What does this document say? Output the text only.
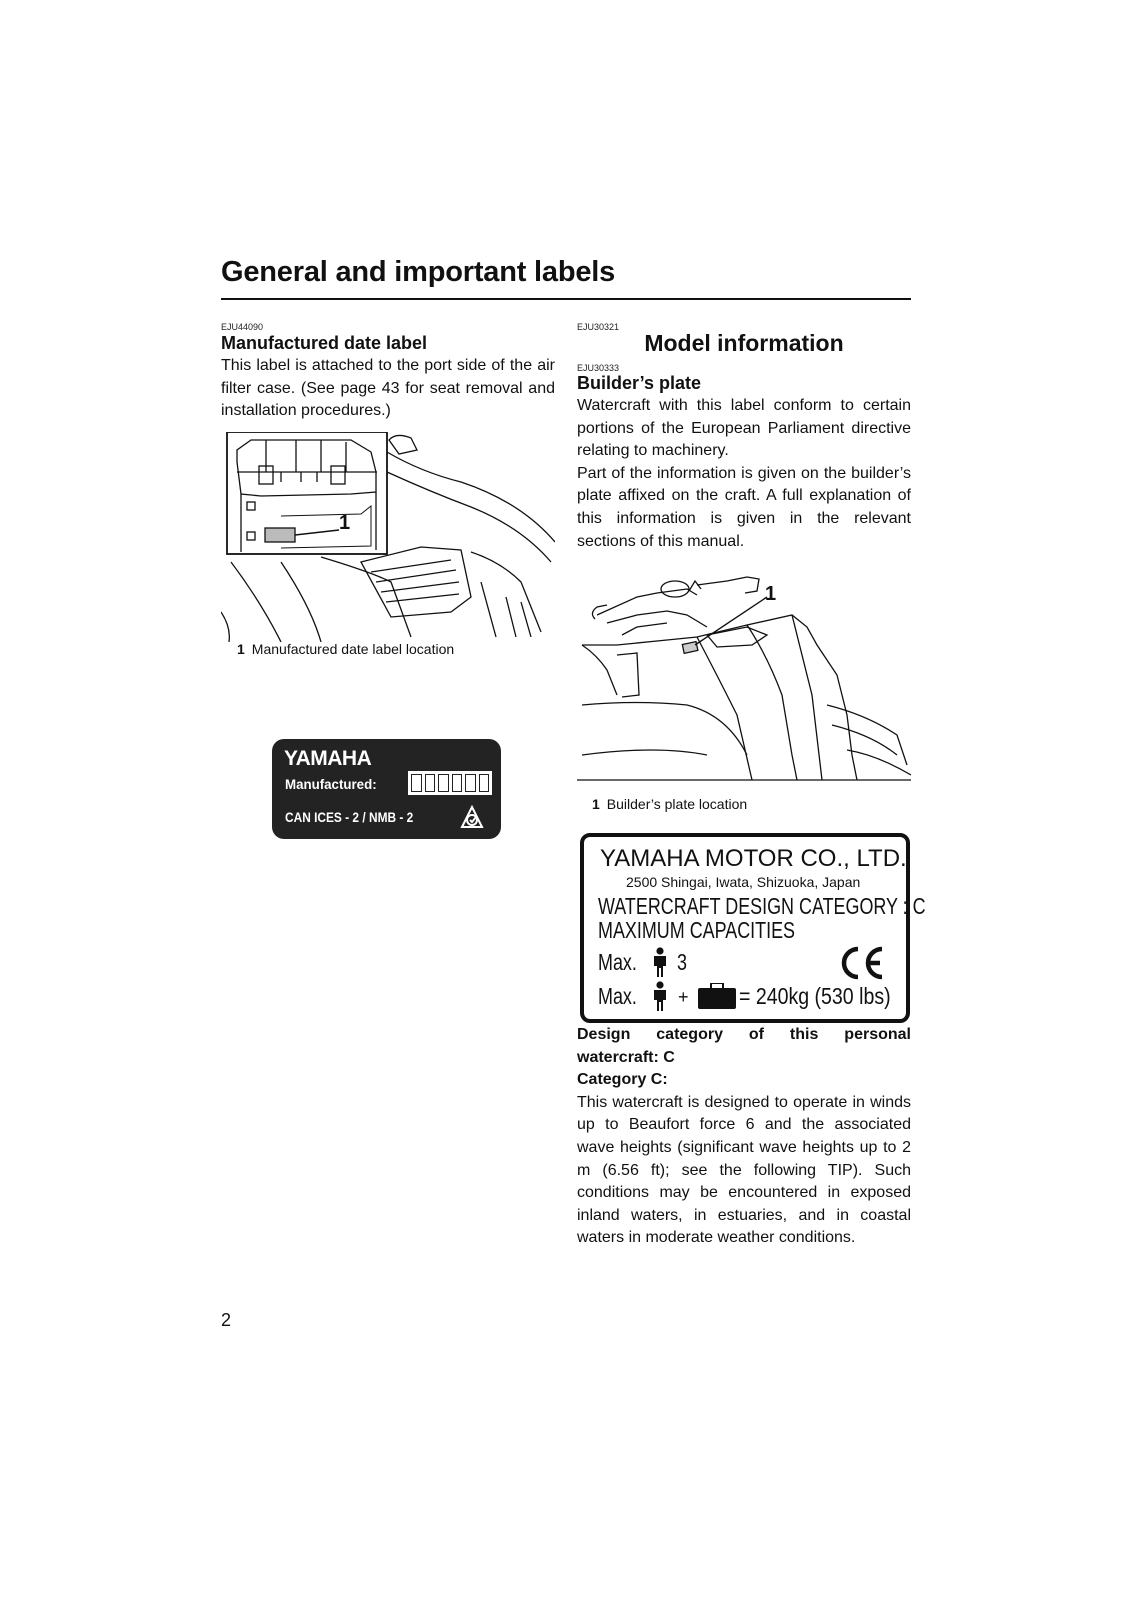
General and important labels
EJU44090
Manufactured date label

This label is attached to the port side of the air filter case. (See page 43 for seat removal and installation procedures.)

1
1 Manufactured date label location
YAMAHA
Manufactured:
CAN ICES - 2 / NMB - 2
EJU30321
Model information
EJU30333
Builder’s plate

Watercraft with this label conform to certain portions of the European Parliament directive relating to machinery.

Part of the information is given on the builder’s plate affixed on the craft. A full explanation of this information is given in the relevant sections of this manual.

1
1 Builder’s plate location
YAMAHA MOTOR CO., LTD.
2500 Shingai, Iwata, Shizuoka, Japan
WATERCRAFT DESIGN CATEGORY : C
MAXIMUM CAPACITIES
Max.	3
Max.	+ = 240kg (530 lbs)

Design category of this personal watercraft: C

Category C:

This watercraft is designed to operate in winds up to Beaufort force 6 and the associated wave heights (significant wave heights up to 2 m (6.56 ft); see the following TIP). Such conditions may be encountered in exposed inland waters, in estuaries, and in coastal waters in moderate weather conditions.

2
